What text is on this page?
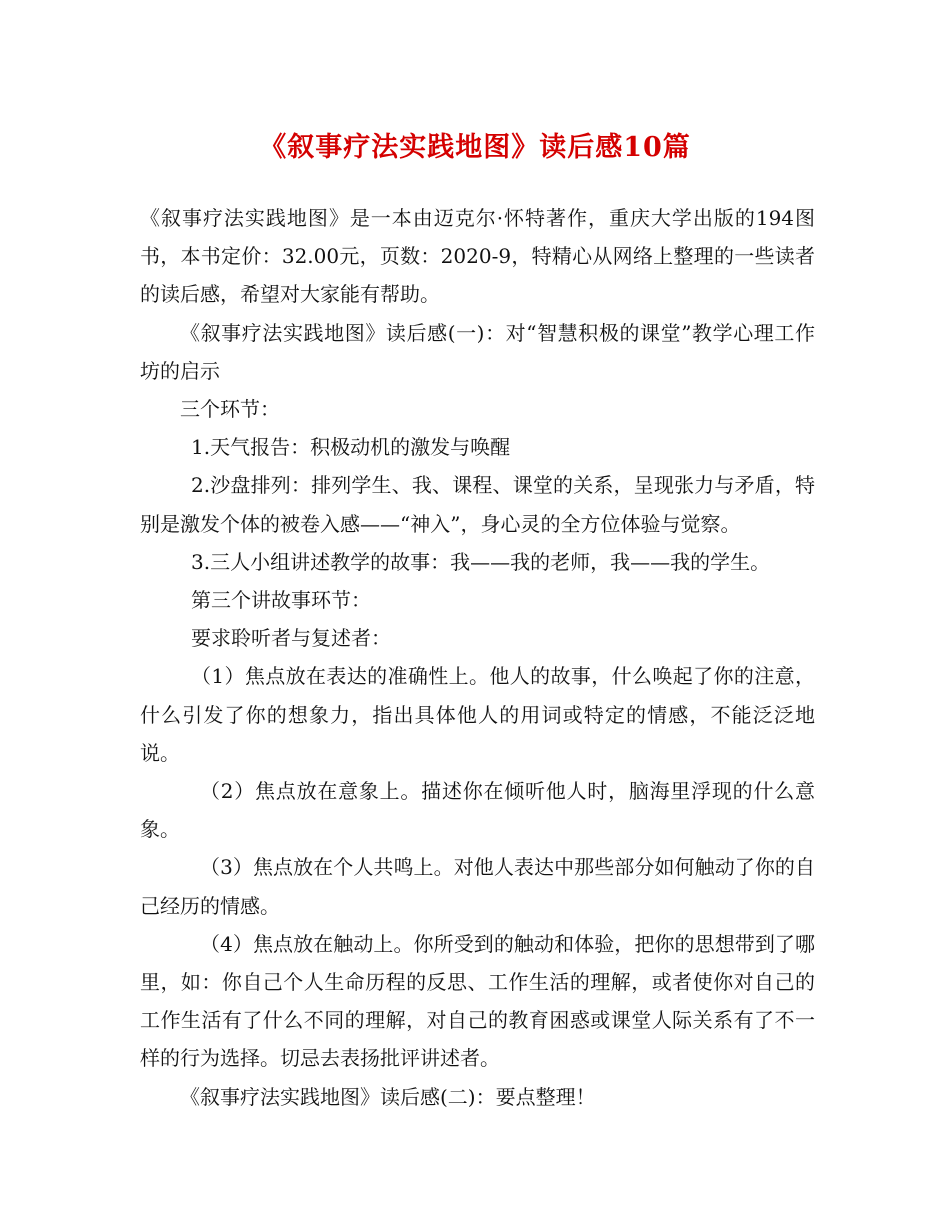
《叙事疗法实践地图》读后感10篇

《叙事疗法实践地图》是一本由迈克尔·怀特著作，重庆大学出版的194图书，本书定价：32.00元，页数：2020-9，特精心从网络上整理的一些读者的读后感，希望对大家能有帮助。

《叙事疗法实践地图》读后感(一)：对“智慧积极的课堂”教学心理工作坊的启示

三个环节：

1.天气报告：积极动机的激发与唤醒

2.沙盘排列：排列学生、我、课程、课堂的关系，呈现张力与矛盾，特别是激发个体的被卷入感——“神入”，身心灵的全方位体验与觉察。

3.三人小组讲述教学的故事：我——我的老师，我——我的学生。

第三个讲故事环节：

要求聆听者与复述者：

（1）焦点放在表达的准确性上。他人的故事，什么唤起了你的注意，什么引发了你的想象力，指出具体他人的用词或特定的情感，不能泛泛地说。

（2）焦点放在意象上。描述你在倾听他人时，脑海里浮现的什么意象。

（3）焦点放在个人共鸣上。对他人表达中那些部分如何触动了你的自己经历的情感。

（4）焦点放在触动上。你所受到的触动和体验，把你的思想带到了哪里，如：你自己个人生命历程的反思、工作生活的理解，或者使你对自己的工作生活有了什么不同的理解，对自己的教育困惑或课堂人际关系有了不一样的行为选择。切忌去表扬批评讲述者。

《叙事疗法实践地图》读后感(二)：要点整理！
